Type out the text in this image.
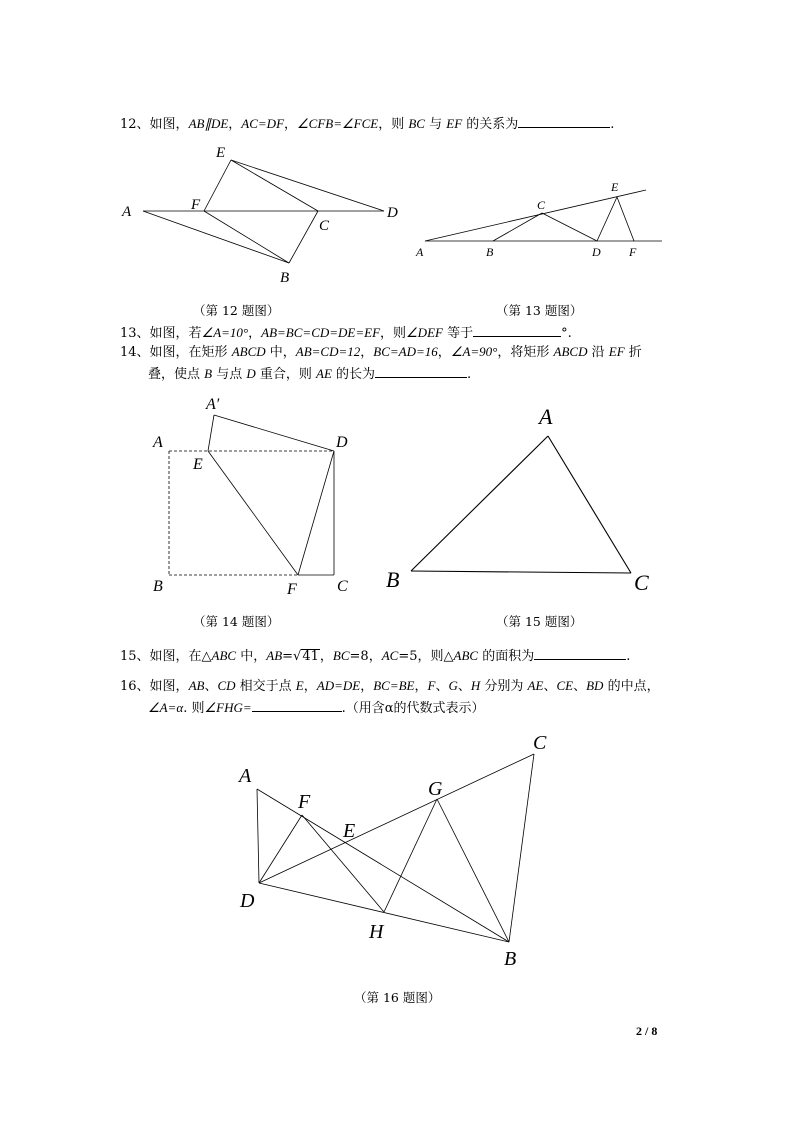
12、如图，AB∥DE，AC=DF，∠CFB=∠FCE，则 BC 与 EF 的关系为	.
13、如图，若∠A=10°，AB=BC=CD=DE=EF，则∠DEF 等于	°.
14、如图，在矩形 ABCD 中，AB=CD=12，BC=AD=16，∠A=90°，将矩形 ABCD 沿 EF 折
叠，使点 B 与点 D 重合，则 AE 的长为	.
15、如图，在△ABC 中，AB=√41，BC=8，AC=5，则△ABC 的面积为	.
16、如图，AB、CD 相交于点 E，AD=DE，BC=BE，F、G、H 分别为 AE、CE、BD 的中点，
∠A=α. 则∠FHG=	.（用含α的代数式表示）
A
B
C
D
E
F
A	B
C
D
E
F
A
A′
B	C
D
E
F
A
B	C
A
B
C
D
E
F
G
H
（第 12 题图）	（第 13 题图）
（第 14 题图）	（第 15 题图）
（第 16 题图）
2 / 8
